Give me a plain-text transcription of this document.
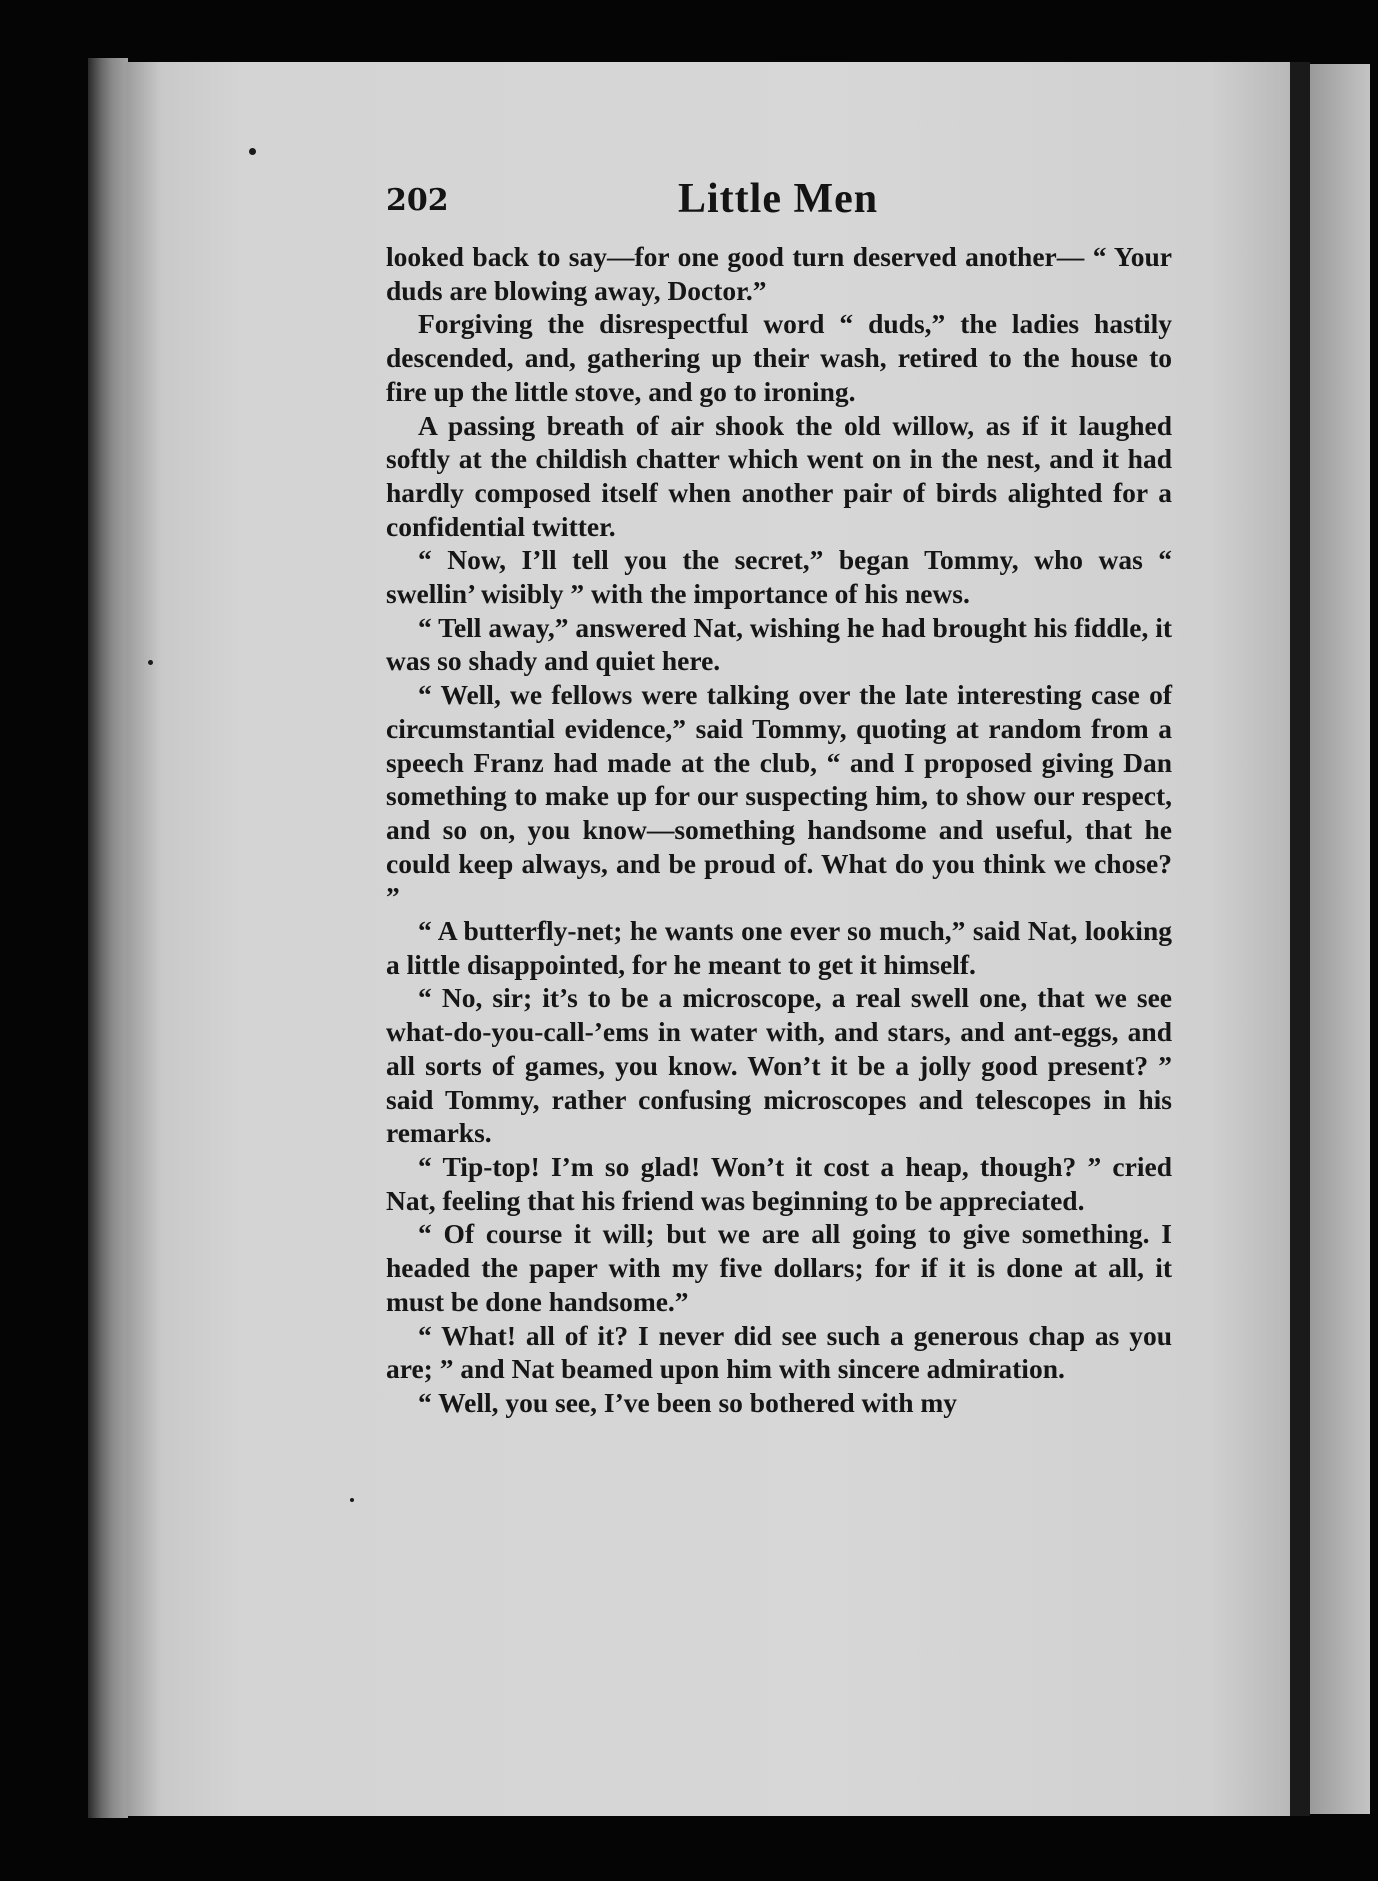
202	Little Men

looked back to say—for one good turn deserved another— “ Your duds are blowing away, Doctor.”

Forgiving the disrespectful word “ duds,” the ladies hastily descended, and, gathering up their wash, retired to the house to fire up the little stove, and go to ironing.

A passing breath of air shook the old willow, as if it laughed softly at the childish chatter which went on in the nest, and it had hardly composed itself when another pair of birds alighted for a confidential twitter.

“ Now, I’ll tell you the secret,” began Tommy, who was “ swellin’ wisibly ” with the importance of his news.

“ Tell away,” answered Nat, wishing he had brought his fiddle, it was so shady and quiet here.

“ Well, we fellows were talking over the late interesting case of circumstantial evidence,” said Tommy, quoting at random from a speech Franz had made at the club, “ and I proposed giving Dan something to make up for our suspecting him, to show our respect, and so on, you know—something handsome and useful, that he could keep always, and be proud of. What do you think we chose? ”

“ A butterfly-net; he wants one ever so much,” said Nat, looking a little disappointed, for he meant to get it himself.

“ No, sir; it’s to be a microscope, a real swell one, that we see what-do-you-call-’ems in water with, and stars, and ant-eggs, and all sorts of games, you know. Won’t it be a jolly good present? ” said Tommy, rather confusing microscopes and telescopes in his remarks.

“ Tip-top! I’m so glad! Won’t it cost a heap, though? ” cried Nat, feeling that his friend was beginning to be appreciated.

“ Of course it will; but we are all going to give something. I headed the paper with my five dollars; for if it is done at all, it must be done handsome.”

“ What! all of it? I never did see such a generous chap as you are; ” and Nat beamed upon him with sincere admiration.

“ Well, you see, I’ve been so bothered with my
